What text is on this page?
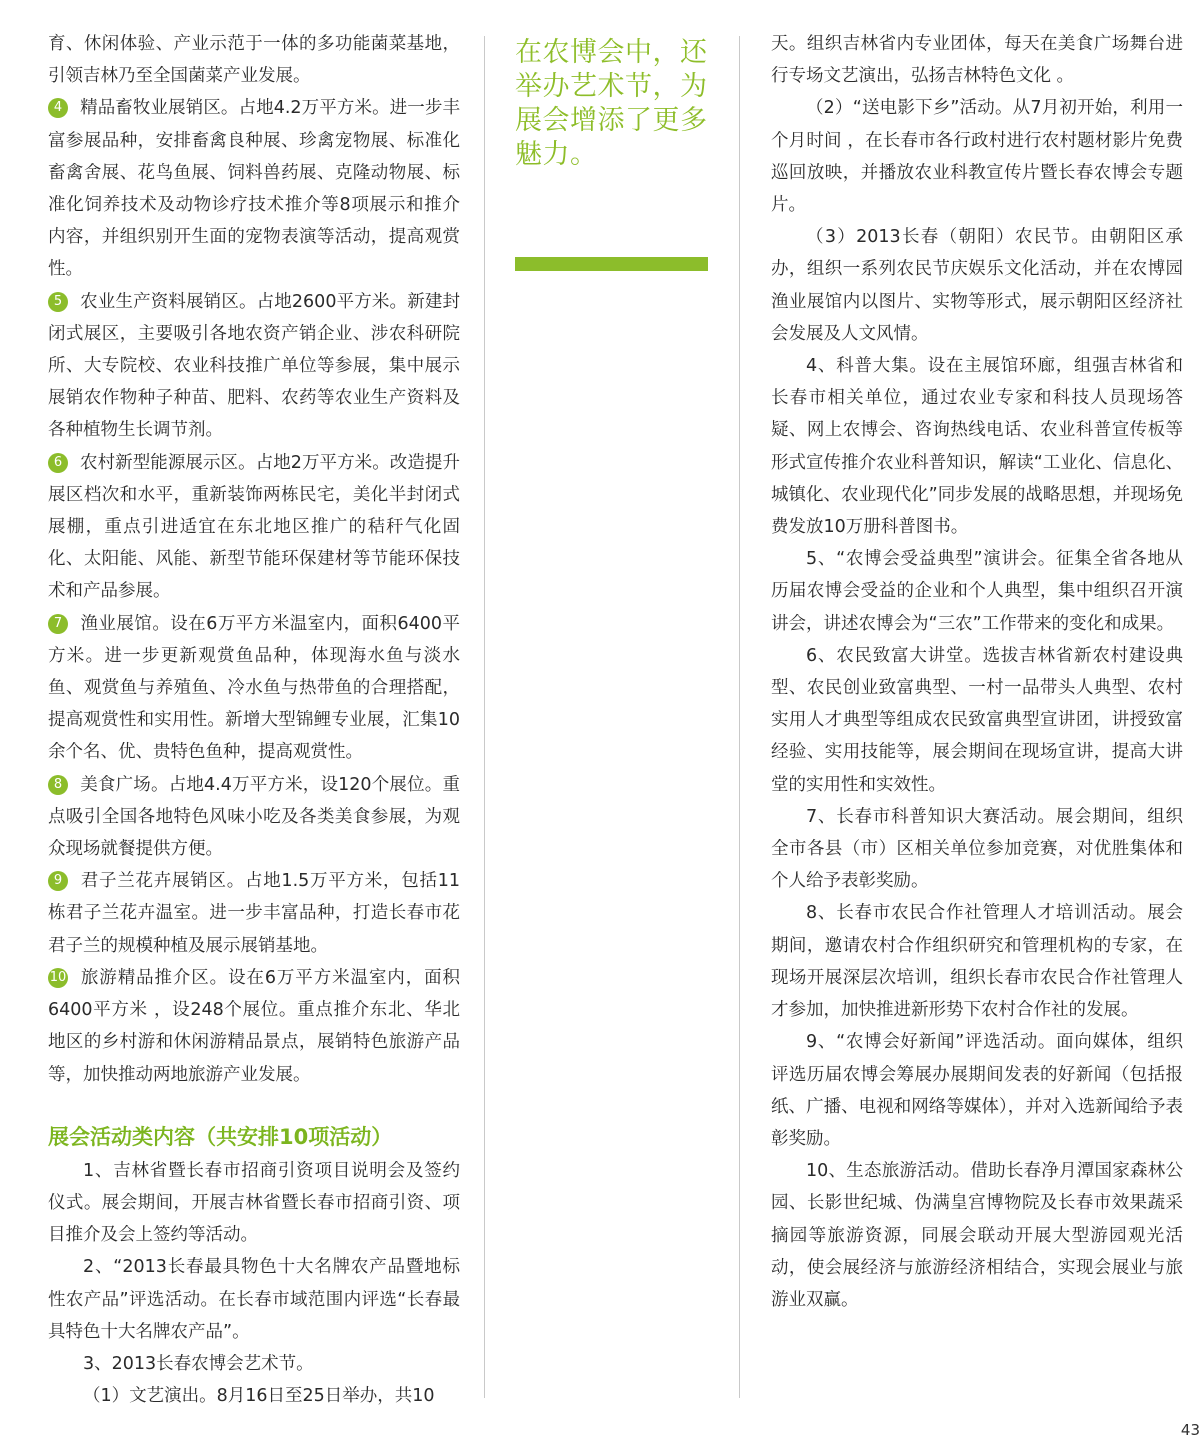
育、休闲体验、产业示范于一体的多功能菌菜基地，引领吉林乃至全国菌菜产业发展。

4 精品畜牧业展销区。占地4.2万平方米。进一步丰富参展品种，安排畜禽良种展、珍禽宠物展、标准化畜禽舍展、花鸟鱼展、饲料兽药展、克隆动物展、标准化饲养技术及动物诊疗技术推介等8项展示和推介内容，并组织别开生面的宠物表演等活动，提高观赏性。

5 农业生产资料展销区。占地2600平方米。新建封闭式展区，主要吸引各地农资产销企业、涉农科研院所、大专院校、农业科技推广单位等参展，集中展示展销农作物种子种苗、肥料、农药等农业生产资料及各种植物生长调节剂。

6 农村新型能源展示区。占地2万平方米。改造提升展区档次和水平，重新装饰两栋民宅，美化半封闭式展棚，重点引进适宜在东北地区推广的秸秆气化固化、太阳能、风能、新型节能环保建材等节能环保技术和产品参展。

7 渔业展馆。设在6万平方米温室内，面积6400平方米。进一步更新观赏鱼品种，体现海水鱼与淡水鱼、观赏鱼与养殖鱼、冷水鱼与热带鱼的合理搭配，提高观赏性和实用性。新增大型锦鲤专业展，汇集10余个名、优、贵特色鱼种，提高观赏性。

8 美食广场。占地4.4万平方米，设120个展位。重点吸引全国各地特色风味小吃及各类美食参展，为观众现场就餐提供方便。

9 君子兰花卉展销区。占地1.5万平方米，包括11栋君子兰花卉温室。进一步丰富品种，打造长春市花君子兰的规模种植及展示展销基地。

10 旅游精品推介区。设在6万平方米温室内，面积6400平方米 ，设248个展位。重点推介东北、华北地区的乡村游和休闲游精品景点，展销特色旅游产品等，加快推动两地旅游产业发展。

展会活动类内容（共安排10项活动）

1、吉林省暨长春市招商引资项目说明会及签约仪式。展会期间，开展吉林省暨长春市招商引资、项目推介及会上签约等活动。

2、“2013长春最具物色十大名牌农产品暨地标性农产品”评选活动。在长春市域范围内评选“长春最具特色十大名牌农产品”。

3、2013长春农博会艺术节。

（1）文艺演出。8月16日至25日举办，共10

在农博会中，还举办艺术节，为展会增添了更多魅力。

天。组织吉林省内专业团体，每天在美食广场舞台进行专场文艺演出，弘扬吉林特色文化 。

（2）“送电影下乡”活动。从7月初开始，利用一个月时间 ，在长春市各行政村进行农村题材影片免费巡回放映，并播放农业科教宣传片暨长春农博会专题片。

（3）2013长春（朝阳）农民节。由朝阳区承办，组织一系列农民节庆娱乐文化活动，并在农博园渔业展馆内以图片、实物等形式，展示朝阳区经济社会发展及人文风情。

4、科普大集。设在主展馆环廊，组强吉林省和长春市相关单位，通过农业专家和科技人员现场答疑、网上农博会、咨询热线电话、农业科普宣传板等形式宣传推介农业科普知识，解读“工业化、信息化、城镇化、农业现代化”同步发展的战略思想，并现场免费发放10万册科普图书。

5、“农博会受益典型”演讲会。征集全省各地从历届农博会受益的企业和个人典型，集中组织召开演讲会，讲述农博会为“三农”工作带来的变化和成果。

6、农民致富大讲堂。选拔吉林省新农村建设典型、农民创业致富典型、一村一品带头人典型、农村实用人才典型等组成农民致富典型宣讲团，讲授致富经验、实用技能等，展会期间在现场宣讲，提高大讲堂的实用性和实效性。

7、长春市科普知识大赛活动。展会期间，组织全市各县（市）区相关单位参加竞赛，对优胜集体和个人给予表彰奖励。

8、长春市农民合作社管理人才培训活动。展会期间，邀请农村合作组织研究和管理机构的专家，在现场开展深层次培训，组织长春市农民合作社管理人才参加，加快推进新形势下农村合作社的发展。

9、“农博会好新闻”评选活动。面向媒体，组织评选历届农博会筹展办展期间发表的好新闻（包括报纸、广播、电视和网络等媒体），并对入选新闻给予表彰奖励。

10、生态旅游活动。借助长春净月潭国家森林公园、长影世纪城、伪满皇宫博物院及长春市效果蔬采摘园等旅游资源，同展会联动开展大型游园观光活动，使会展经济与旅游经济相结合，实现会展业与旅游业双赢。

43
